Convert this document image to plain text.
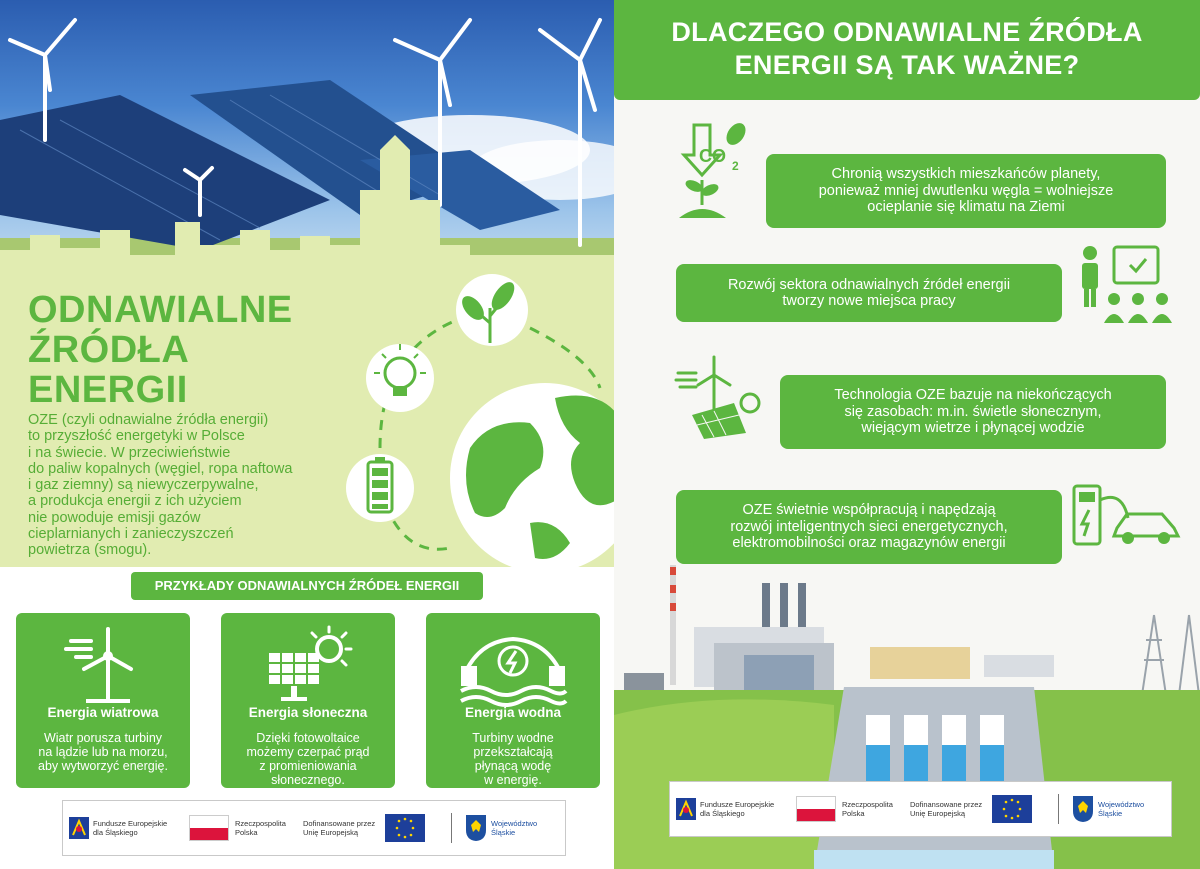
ODNAWIALNE
ŹRÓDŁA
ENERGII
OZE (czyli odnawialne źródła energii)
to przyszłość energetyki w Polsce
i na świecie. W przeciwieństwie
do paliw kopalnych (węgiel, ropa naftowa
i gaz ziemny) są niewyczerpywalne,
a produkcja energii z ich użyciem
nie powoduje emisji gazów
cieplarnianych i zanieczyszczeń
powietrza (smogu).
PRZYKŁADY ODNAWIALNYCH ŹRÓDEŁ ENERGII
Energia wiatrowa
Wiatr porusza turbiny
na lądzie lub na morzu,
aby wytworzyć energię.
Energia słoneczna
Dzięki fotowoltaice
możemy czerpać prąd
z promieniowania
słonecznego.
Energia wodna
Turbiny wodne
przekształcają
płynącą wodę
w energię.
Fundusze Europejskie
dla Śląskiego
Rzeczpospolita
Polska
Dofinansowane przez
Unię Europejską
Województwo
Śląskie
DLACZEGO ODNAWIALNE ŹRÓDŁA
ENERGII SĄ TAK WAŻNE?
CO 2
Chronią wszystkich mieszkańców planety,
ponieważ mniej dwutlenku węgla = wolniejsze
ocieplanie się klimatu na Ziemi
Rozwój sektora odnawialnych źródeł energii
tworzy nowe miejsca pracy
Technologia OZE bazuje na niekończących
się zasobach: m.in. świetle słonecznym,
wiejącym wietrze i płynącej wodzie
OZE świetnie współpracują i napędzają
rozwój inteligentnych sieci energetycznych,
elektromobilności oraz magazynów energii
Fundusze Europejskie
dla Śląskiego
Rzeczpospolita
Polska
Dofinansowane przez
Unię Europejską
Województwo
Śląskie
